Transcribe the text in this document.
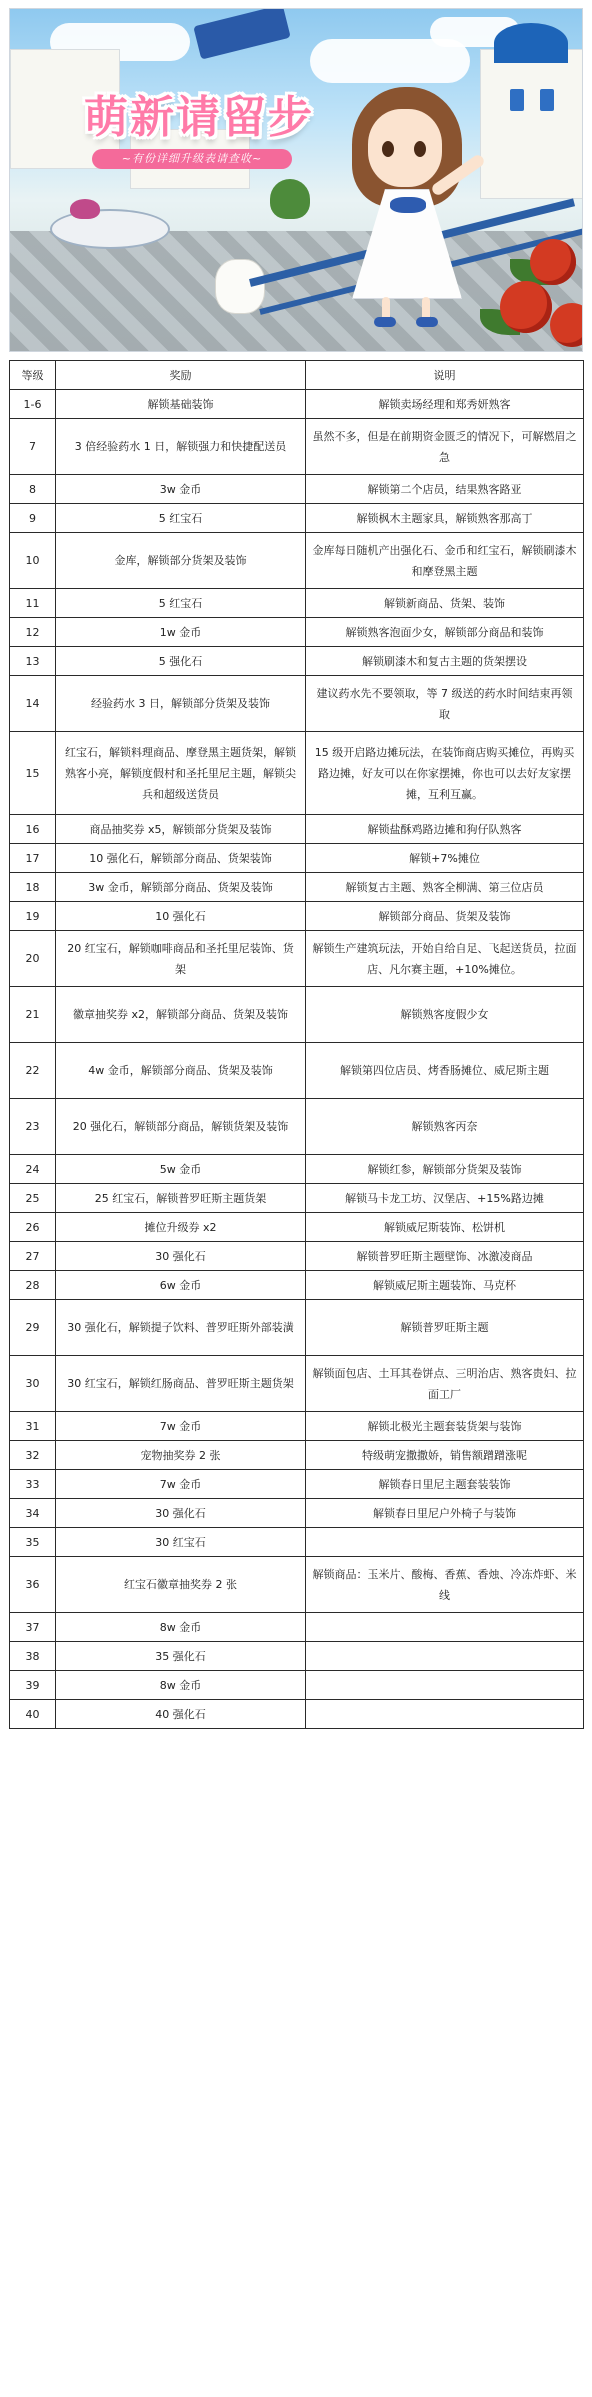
萌新请留步
~有份详细升级表请查收~
等级	奖励	说明
1-6	解锁基础装饰	解锁卖场经理和郑秀妍熟客
7	3 倍经验药水 1 日，解锁强力和快捷配送员	虽然不多，但是在前期资金匮乏的情况下，可解燃眉之急
8	3w 金币	解锁第二个店员，结果熟客路亚
9	5 红宝石	解锁枫木主题家具，解锁熟客那高丁
10	金库，解锁部分货架及装饰	金库每日随机产出强化石、金币和红宝石，解锁刷漆木和摩登黑主题
11	5 红宝石	解锁新商品、货架、装饰
12	1w 金币	解锁熟客泡面少女，解锁部分商品和装饰
13	5 强化石	解锁刷漆木和复古主题的货架摆设
14	经验药水 3 日，解锁部分货架及装饰	建议药水先不要领取，等 7 级送的药水时间结束再领取
15	红宝石，解锁料理商品、摩登黑主题货架，解锁熟客小亮，解锁度假村和圣托里尼主题，解锁尖兵和超级送货员	15 级开启路边摊玩法，在装饰商店购买摊位，再购买路边摊，好友可以在你家摆摊，你也可以去好友家摆摊，互利互赢。
16	商品抽奖券 x5，解锁部分货架及装饰	解锁盐酥鸡路边摊和狗仔队熟客
17	10 强化石，解锁部分商品、货架装饰	解锁+7%摊位
18	3w 金币，解锁部分商品、货架及装饰	解锁复古主题、熟客全柳满、第三位店员
19	10 强化石	解锁部分商品、货架及装饰
20	20 红宝石，解锁咖啡商品和圣托里尼装饰、货架	解锁生产建筑玩法，开始自给自足、飞起送货员，拉面店、凡尔赛主题，+10%摊位。
21	徽章抽奖券 x2，解锁部分商品、货架及装饰	解锁熟客度假少女
22	4w 金币，解锁部分商品、货架及装饰	解锁第四位店员、烤香肠摊位、威尼斯主题
23	20 强化石，解锁部分商品，解锁货架及装饰	解锁熟客丙奈
24	5w 金币	解锁红参，解锁部分货架及装饰
25	25 红宝石，解锁普罗旺斯主题货架	解锁马卡龙工坊、汉堡店、+15%路边摊
26	摊位升级券 x2	解锁威尼斯装饰、松饼机
27	30 强化石	解锁普罗旺斯主题壁饰、冰激凌商品
28	6w 金币	解锁威尼斯主题装饰、马克杯
29	30 强化石，解锁提子饮料、普罗旺斯外部装潢	解锁普罗旺斯主题
30	30 红宝石，解锁红肠商品、普罗旺斯主题货架	解锁面包店、土耳其卷饼点、三明治店、熟客贵妇、拉面工厂
31	7w 金币	解锁北极光主题套装货架与装饰
32	宠物抽奖券 2 张	特级萌宠撒撒娇，销售额蹭蹭涨呢
33	7w 金币	解锁春日里尼主题套装装饰
34	30 强化石	解锁春日里尼户外椅子与装饰
35	30 红宝石	
36	红宝石徽章抽奖券 2 张	解锁商品：玉米片、酸梅、香蕉、香烛、冷冻炸虾、米线
37	8w 金币	
38	35 强化石	
39	8w 金币	
40	40 强化石	
